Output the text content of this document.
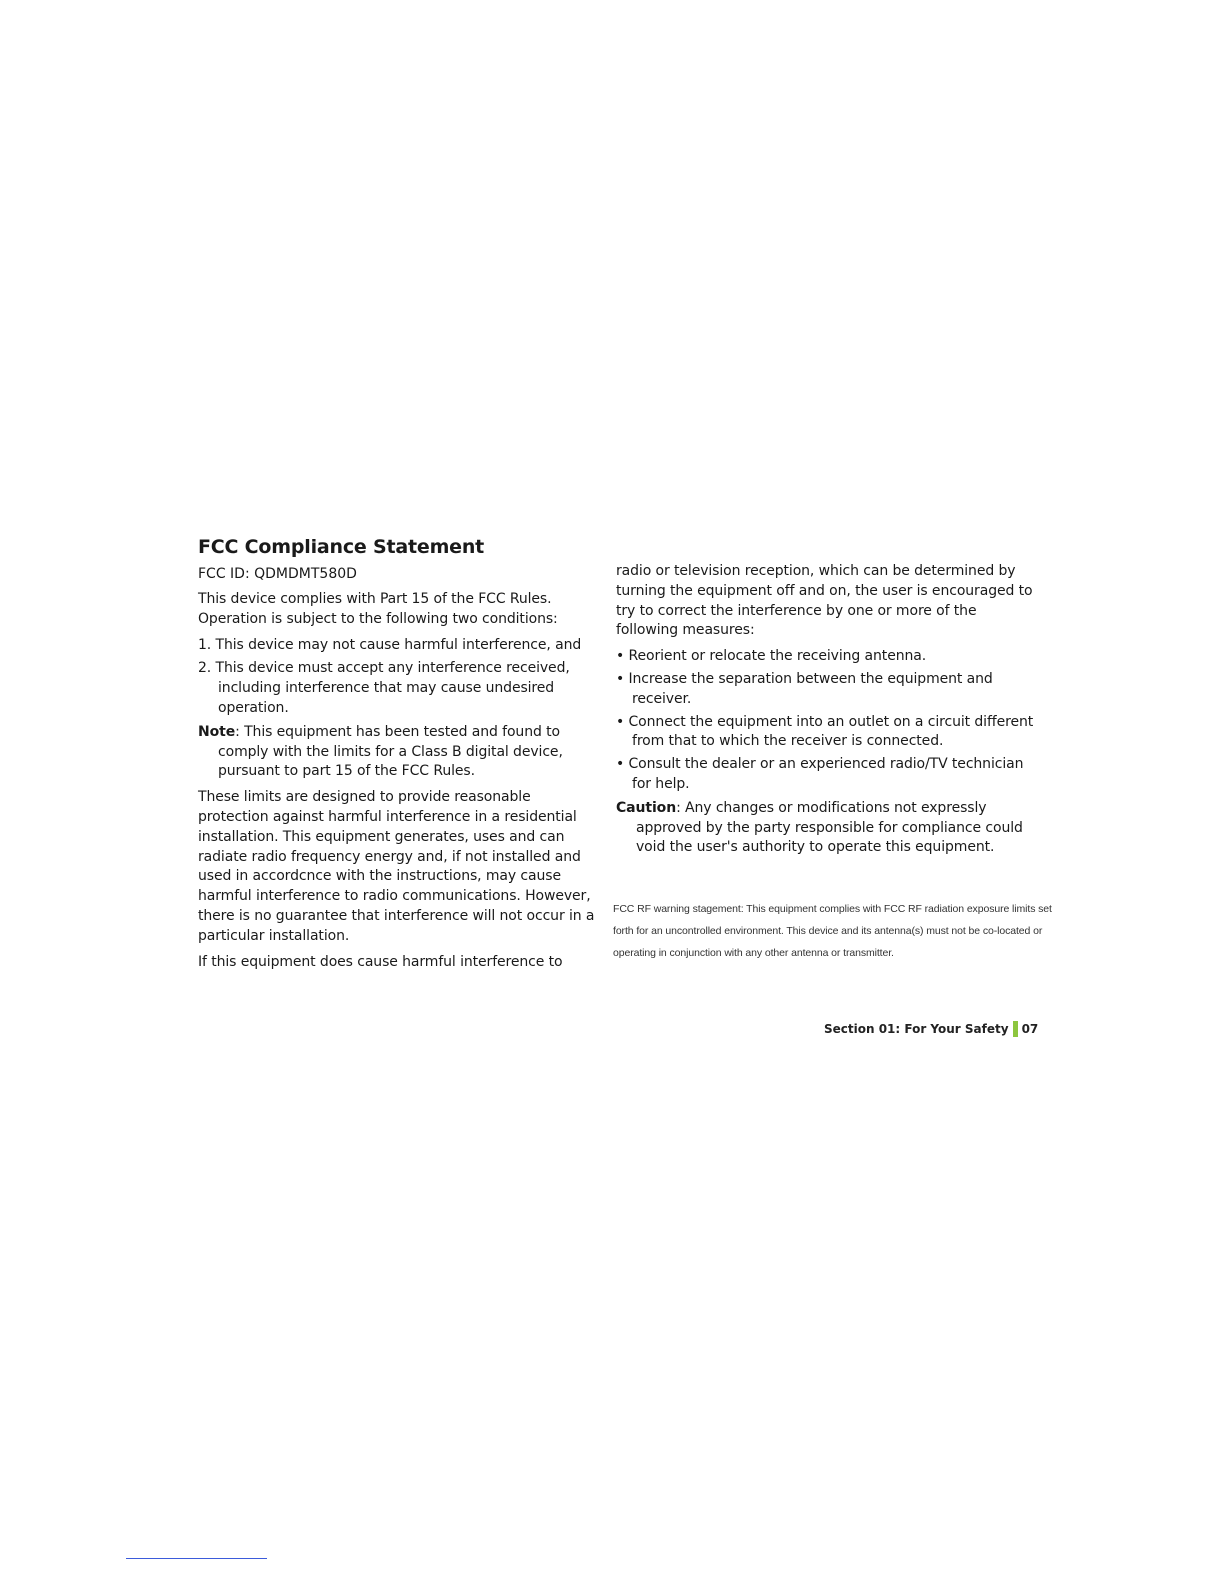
FCC Compliance Statement
FCC ID: QDMDMT580D

This device complies with Part 15 of the FCC Rules. Operation is subject to the following two conditions:

1. This device may not cause harmful interference, and
2. This device must accept any interference received, including interference that may cause undesired operation.
Note: This equipment has been tested and found to comply with the limits for a Class B digital device, pursuant to part 15 of the FCC Rules.

These limits are designed to provide reasonable protection against harmful interference in a residential installation. This equipment generates, uses and can radiate radio frequency energy and, if not installed and used in accordcnce with the instructions, may cause harmful interference to radio communications. However, there is no guarantee that interference will not occur in a particular installation.

If this equipment does cause harmful interference to

radio or television reception, which can be determined by turning the equipment off and on, the user is encouraged to try to correct the interference by one or more of the following measures:

• Reorient or relocate the receiving antenna.
• Increase the separation between the equipment and receiver.
• Connect the equipment into an outlet on a circuit different from that to which the receiver is connected.
• Consult the dealer or an experienced radio/TV technician for help.
Caution: Any changes or modifications not expressly approved by the party responsible for compliance could void the user's authority to operate this equipment.
FCC RF warning stagement: This equipment complies with FCC RF radiation exposure limits set forth for an uncontrolled environment. This device and its antenna(s) must not be co-located or operating in conjunction with any other antenna or transmitter.
Section 01: For Your Safety 07
